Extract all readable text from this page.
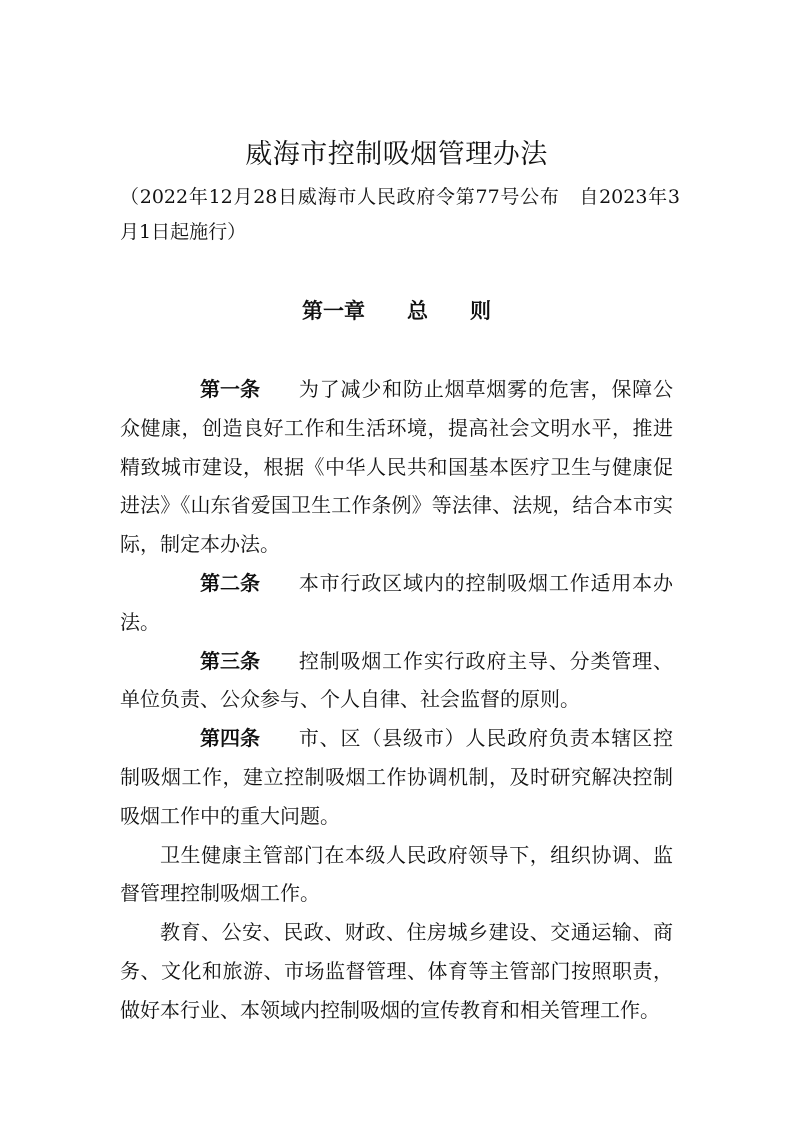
威海市控制吸烟管理办法
（2022年12月28日威海市人民政府令第77号公布　自2023年3月1日起施行）
第一章　　总　　则

第一条 为了减少和防止烟草烟雾的危害，保障公众健康，创造良好工作和生活环境，提高社会文明水平，推进精致城市建设，根据《中华人民共和国基本医疗卫生与健康促进法》《山东省爱国卫生工作条例》等法律、法规，结合本市实际，制定本办法。

第二条 本市行政区域内的控制吸烟工作适用本办法。

第三条 控制吸烟工作实行政府主导、分类管理、单位负责、公众参与、个人自律、社会监督的原则。

第四条 市、区（县级市）人民政府负责本辖区控制吸烟工作，建立控制吸烟工作协调机制，及时研究解决控制吸烟工作中的重大问题。

卫生健康主管部门在本级人民政府领导下，组织协调、监督管理控制吸烟工作。

教育、公安、民政、财政、住房城乡建设、交通运输、商务、文化和旅游、市场监督管理、体育等主管部门按照职责，做好本行业、本领域内控制吸烟的宣传教育和相关管理工作。
